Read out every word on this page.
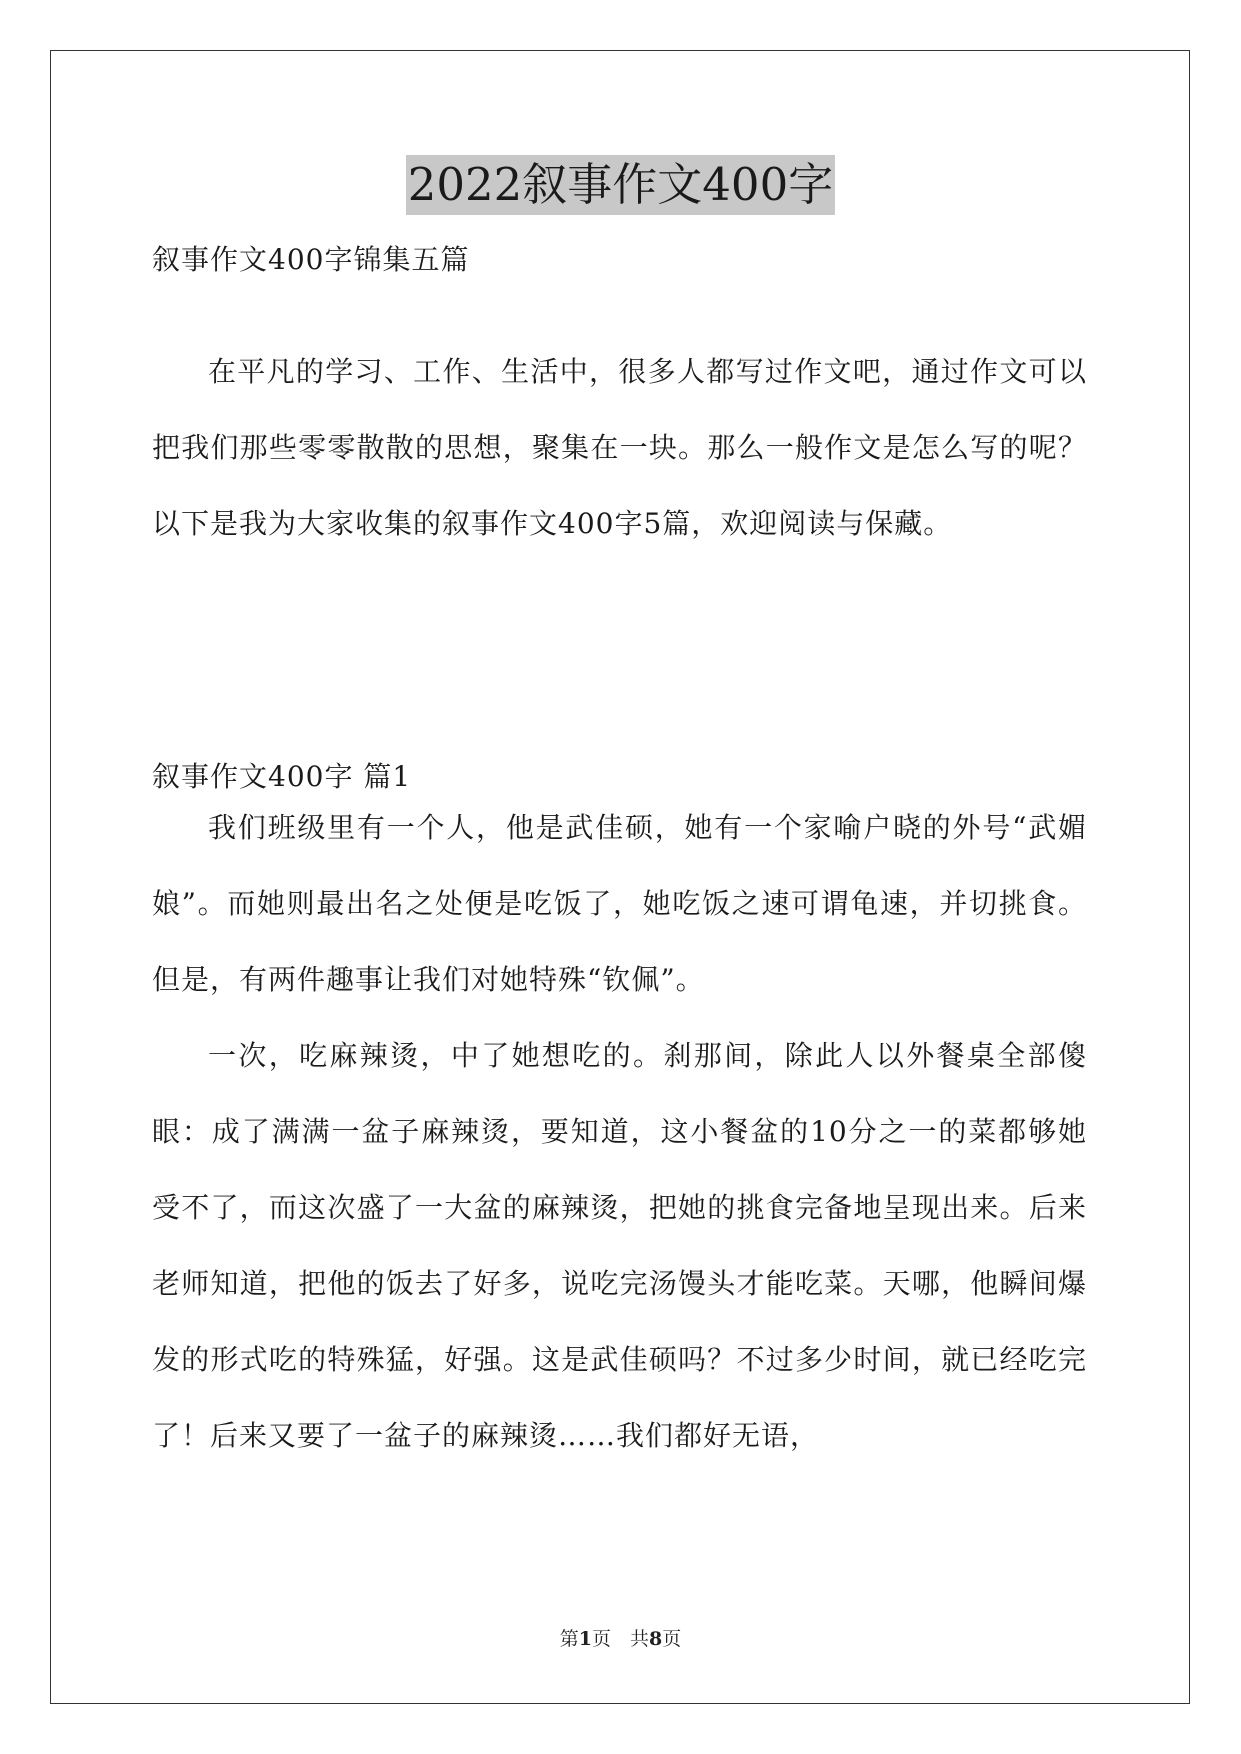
2022叙事作文400字
叙事作文400字锦集五篇

在平凡的学习、工作、生活中，很多人都写过作文吧，通过作文可以把我们那些零零散散的思想，聚集在一块。那么一般作文是怎么写的呢？以下是我为大家收集的叙事作文400字5篇，欢迎阅读与保藏。

叙事作文400字 篇1

我们班级里有一个人，他是武佳硕，她有一个家喻户晓的外号“武媚娘”。而她则最出名之处便是吃饭了，她吃饭之速可谓龟速，并切挑食。但是，有两件趣事让我们对她特殊“钦佩”。

一次，吃麻辣烫，中了她想吃的。刹那间，除此人以外餐桌全部傻眼：成了满满一盆子麻辣烫，要知道，这小餐盆的10分之一的菜都够她受不了，而这次盛了一大盆的麻辣烫，把她的挑食完备地呈现出来。后来老师知道，把他的饭去了好多，说吃完汤馒头才能吃菜。天哪，他瞬间爆发的形式吃的特殊猛，好强。这是武佳硕吗？不过多少时间，就已经吃完了！后来又要了一盆子的麻辣烫……我们都好无语，

第1页　共8页
